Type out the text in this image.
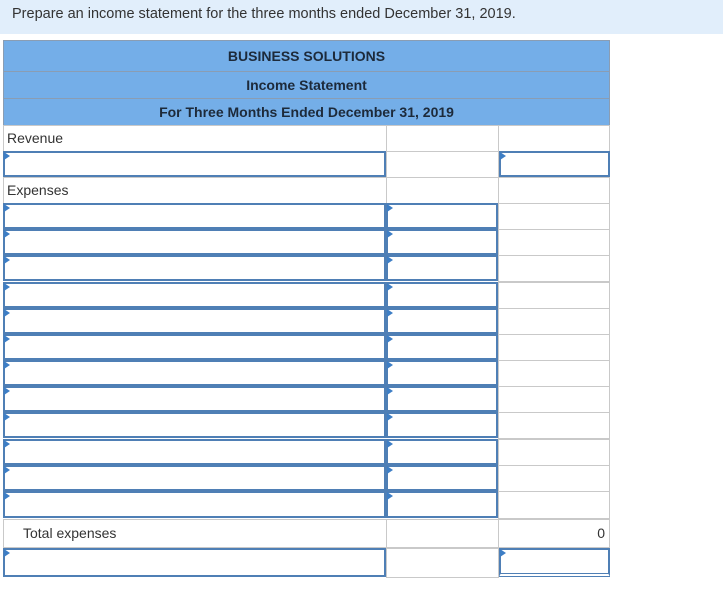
Prepare an income statement for the three months ended December 31, 2019.
BUSINESS SOLUTIONS
Income Statement
For Three Months Ended December 31, 2019
Revenue
Expenses
Total expenses	0
